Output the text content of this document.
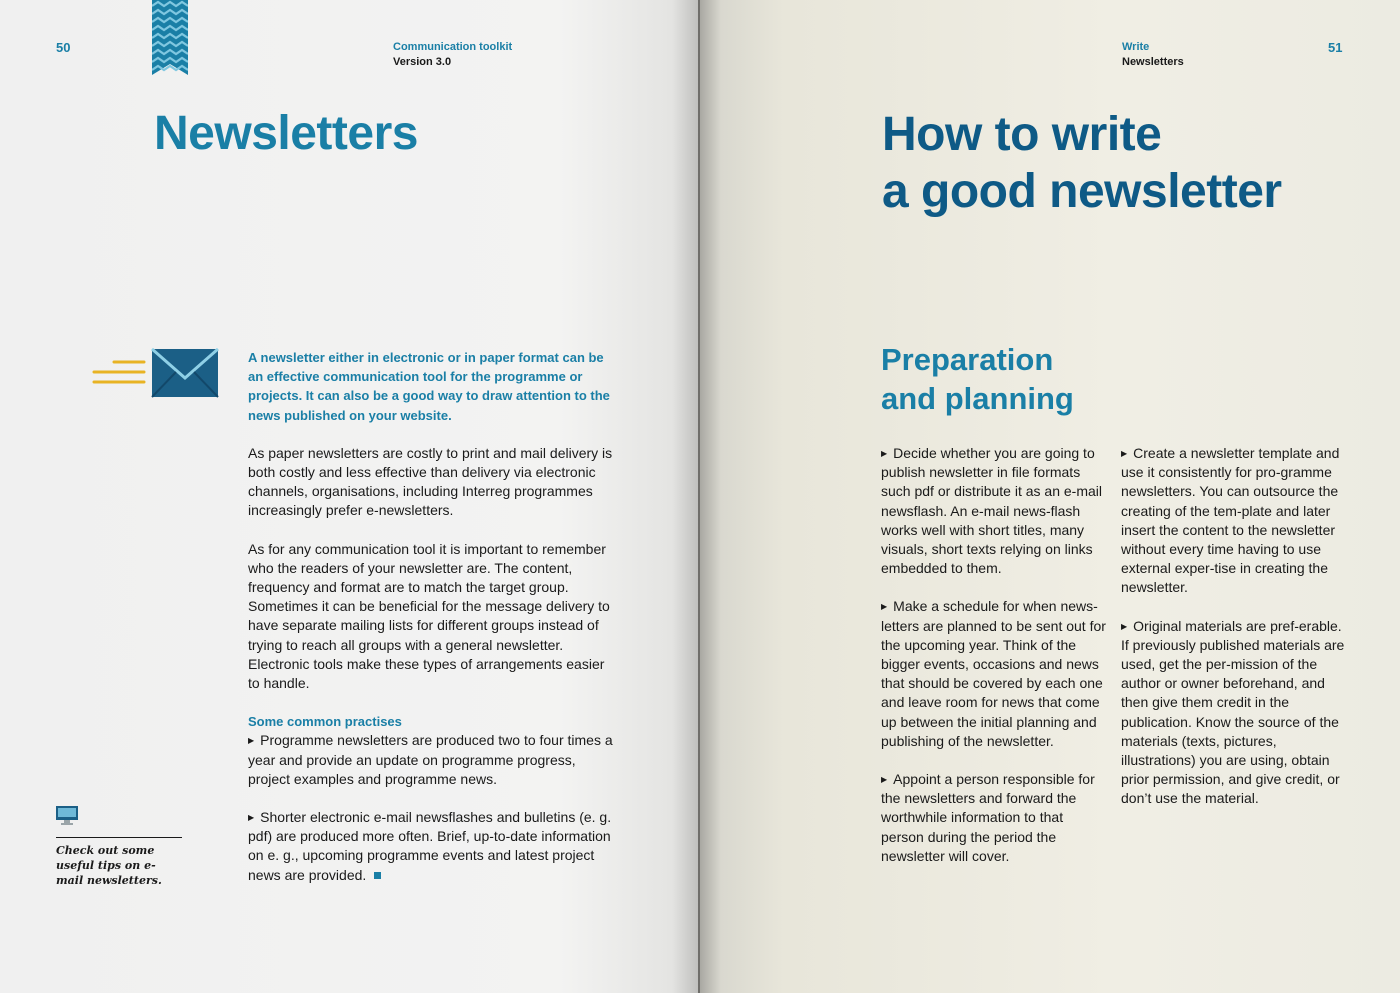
50	Communication toolkit
Version 3.0
Newsletters

A newsletter either in electronic or in paper format can be an effective communication tool for the programme or projects. It can also be a good way to draw attention to the news published on your website.

As paper newsletters are costly to print and mail delivery is both costly and less effective than delivery via electronic channels, organisations, including Interreg programmes increasingly prefer e-newsletters.

As for any communication tool it is important to remember who the readers of your newsletter are. The content, frequency and format are to match the target group. Sometimes it can be beneficial for the message delivery to have separate mailing lists for different groups instead of trying to reach all groups with a general newsletter. Electronic tools make these types of arrangements easier to handle.

Some common practises

▶ Programme newsletters are produced two to four times a year and provide an update on programme progress, project examples and programme news.

▶ Shorter electronic e-mail newsflashes and bulletins (e. g. pdf) are produced more often. Brief, up-to-date information on e. g., upcoming programme events and latest project news are provided.

Check out some useful tips on e-mail newsletters.

Write
Newsletters
51
How to write
a good newsletter
Preparation
and planning

▶ Decide whether you are going to publish newsletter in file formats such pdf or distribute it as an e-mail newsflash. An e-mail news-flash works well with short titles, many visuals, short texts relying on links embedded to them.

▶ Make a schedule for when news-letters are planned to be sent out for the upcoming year. Think of the bigger events, occasions and news that should be covered by each one and leave room for news that come up between the initial planning and publishing of the newsletter.

▶ Appoint a person responsible for the newsletters and forward the worthwhile information to that person during the period the newsletter will cover.

▶ Create a newsletter template and use it consistently for pro-gramme newsletters. You can outsource the creating of the tem-plate and later insert the content to the newsletter without every time having to use external exper-tise in creating the newsletter.

▶ Original materials are pref-erable. If previously published materials are used, get the per-mission of the author or owner beforehand, and then give them credit in the publication. Know the source of the materials (texts, pictures, illustrations) you are using, obtain prior permission, and give credit, or don’t use the material.
